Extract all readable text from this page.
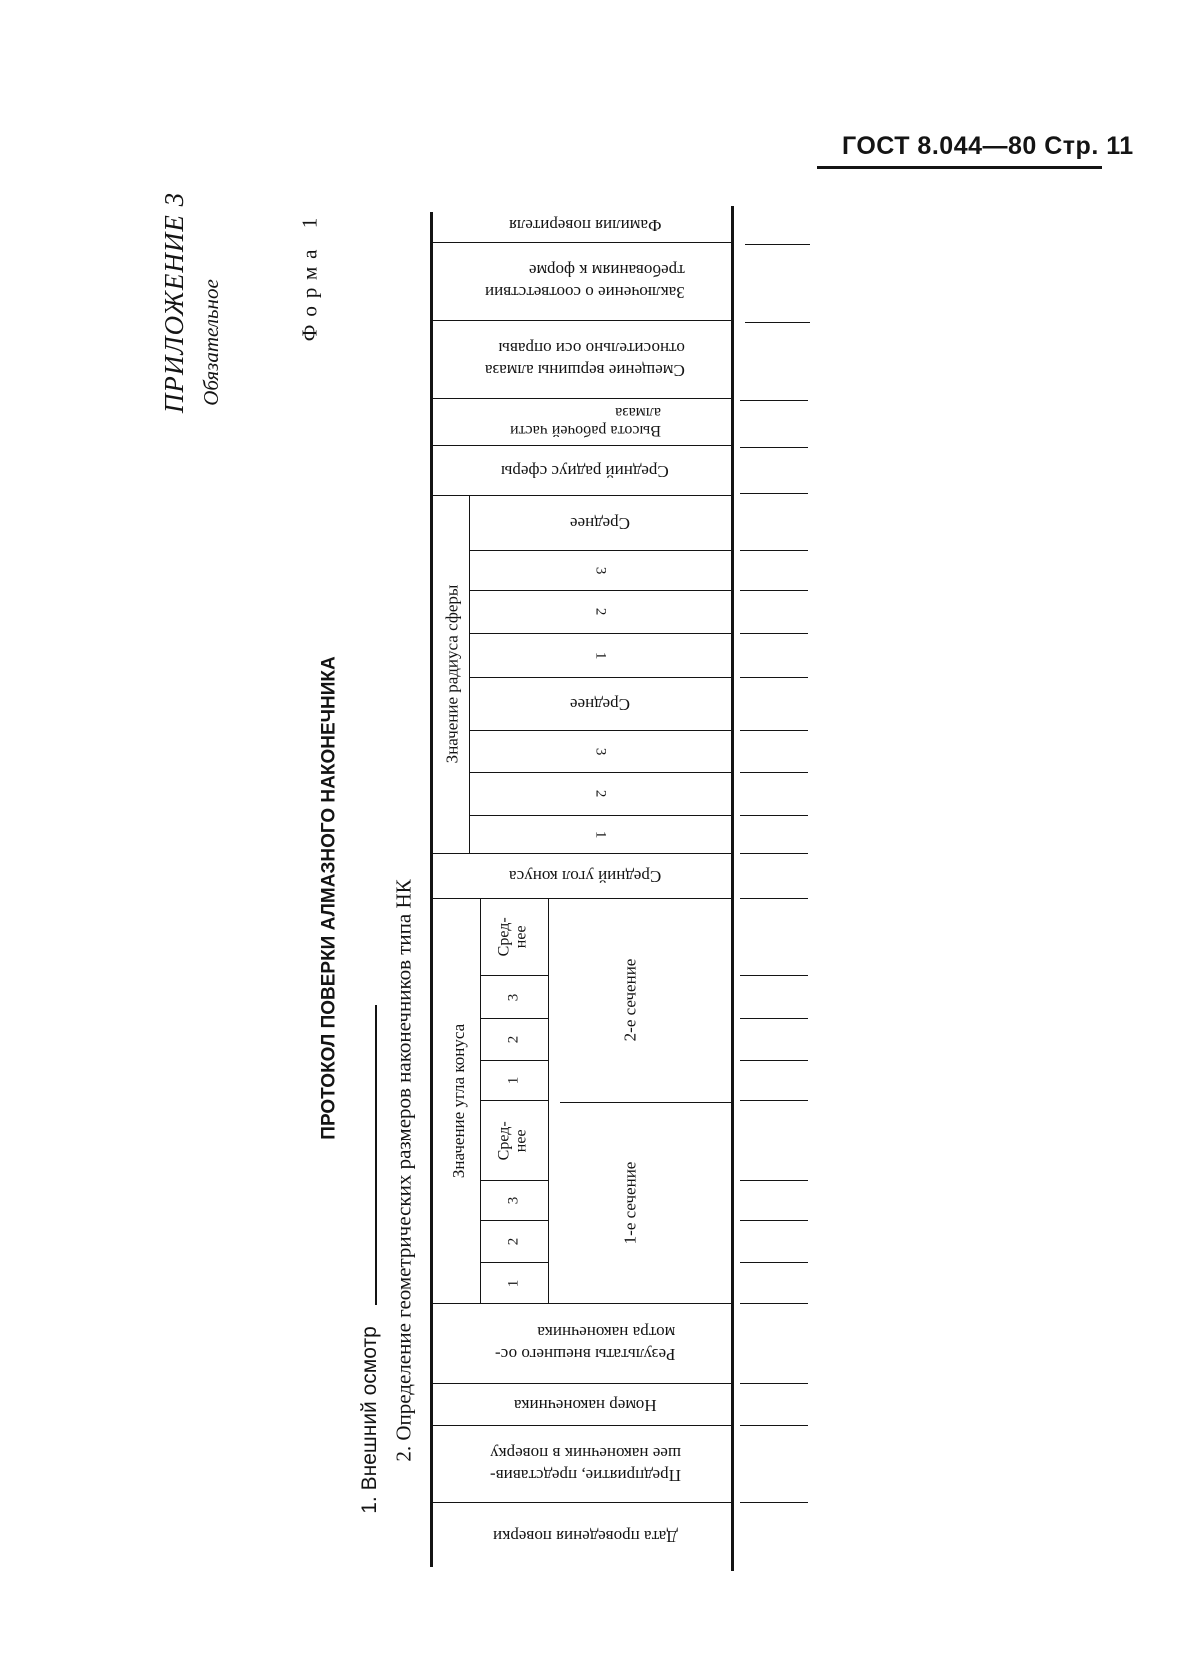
ГОСТ 8.044—80 Стр. 11
ПРИЛОЖЕНИЕ 3 Обязательное
Форма 1
ПРОТОКОЛ ПОВЕРКИ АЛМАЗНОГО НАКОНЕЧНИКА
1. Внешний осмотр 2. Определение геометрических размеров наконечников типа НК
Фамилия поверителя
Заключение о соответствии
требованиям к форме
Смещение вершины алмаза
относительно оси оправы
Высота рабочей части
алмаза
Средний радиус сферы
Значение радиуса сферы
Среднее
3
2
1
Среднее
3
2
1
Средний угол конуса
Значение угла конуса
Сред-
нее
3
2
1
Сред-
нее
3
2
1
2-е сечение
1-е сечение
Результаты внешнего ос-
мотра наконечника
Номер наконечника
Предприятие, представив-
шее наконечник в поверку
Дата проведения поверки
